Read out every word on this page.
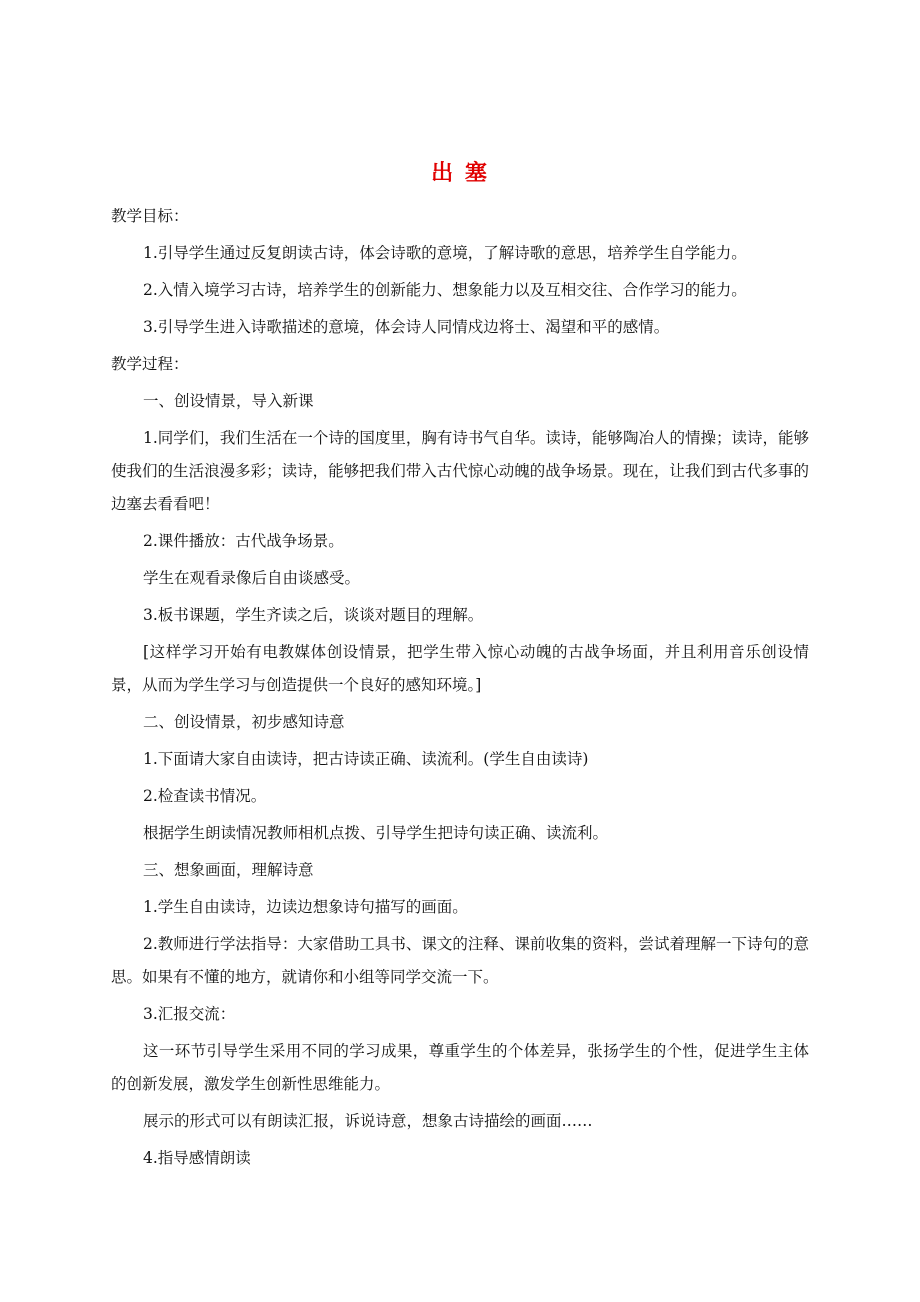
出 塞

教学目标：

1.引导学生通过反复朗读古诗，体会诗歌的意境，了解诗歌的意思，培养学生自学能力。

2.入情入境学习古诗，培养学生的创新能力、想象能力以及互相交往、合作学习的能力。

3.引导学生进入诗歌描述的意境，体会诗人同情戍边将士、渴望和平的感情。

教学过程：

一、创设情景，导入新课

1.同学们，我们生活在一个诗的国度里，胸有诗书气自华。读诗，能够陶冶人的情操；读诗，能够使我们的生活浪漫多彩；读诗，能够把我们带入古代惊心动魄的战争场景。现在，让我们到古代多事的边塞去看看吧！

2.课件播放：古代战争场景。

学生在观看录像后自由谈感受。

3.板书课题，学生齐读之后，谈谈对题目的理解。

[这样学习开始有电教媒体创设情景，把学生带入惊心动魄的古战争场面，并且利用音乐创设情景，从而为学生学习与创造提供一个良好的感知环境。]

二、创设情景，初步感知诗意

1.下面请大家自由读诗，把古诗读正确、读流利。(学生自由读诗)

2.检查读书情况。

根据学生朗读情况教师相机点拨、引导学生把诗句读正确、读流利。

三、想象画面，理解诗意

1.学生自由读诗，边读边想象诗句描写的画面。

2.教师进行学法指导：大家借助工具书、课文的注释、课前收集的资料，尝试着理解一下诗句的意思。如果有不懂的地方，就请你和小组等同学交流一下。

3.汇报交流：

这一环节引导学生采用不同的学习成果，尊重学生的个体差异，张扬学生的个性，促进学生主体的创新发展，激发学生创新性思维能力。

展示的形式可以有朗读汇报，诉说诗意，想象古诗描绘的画面……

4.指导感情朗读
